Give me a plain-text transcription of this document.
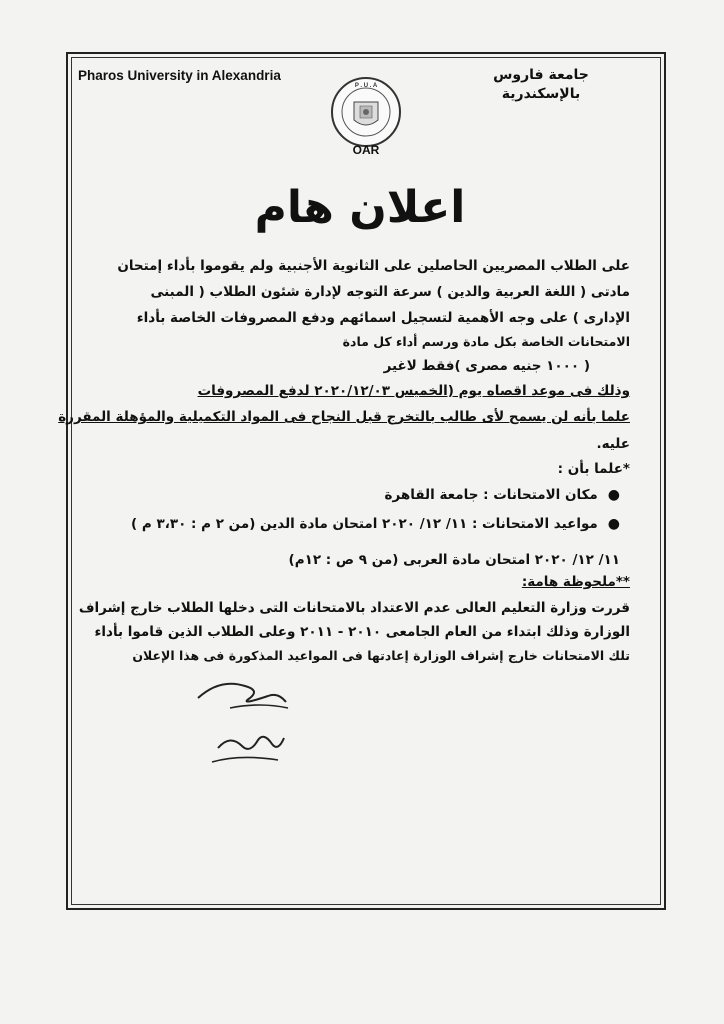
Pharos University in Alexandria	جامعة فاروس
بالإسكندرية
P . U . A
OAR
اعلان هام
على الطلاب المصريين الحاصلين على الثانوية الأجنبية ولم يقوموا بأداء إمتحان
مادتى ( اللغة العربية والدين ) سرعة التوجه لإدارة شئون الطلاب ( المبنى
الإدارى ) على وجه الأهمية لتسجيل اسمائهم ودفع المصروفات الخاصة بأداء
الامتحانات الخاصة بكل مادة ورسم أداء كل مادة
( ١٠٠٠ جنيه مصرى )فقط لاغير
وذلك فى موعد اقصاه يوم (الخميس ٢٠٢٠/١٢/٠٣ لدفع المصروفات
علما بأنه لن يسمح لأى طالب بالتخرج قبل النجاح فى المواد التكميلية والمؤهلة المقررة
عليه.
*علما بأن :
●مكان الامتحانات : جامعة القاهرة
●مواعيد الامتحانات : ١١/ ١٢/ ٢٠٢٠ امتحان مادة الدين (من ٢ م : ٣،٣٠ م )
١١/ ١٢/ ٢٠٢٠ امتحان مادة العربى (من ٩ ص : ١٢م)
**ملحوظة هامة:
قررت وزارة التعليم العالى عدم الاعتداد بالامتحانات التى دخلها الطلاب خارج إشراف
الوزارة وذلك ابتداء من العام الجامعى ٢٠١٠ - ٢٠١١ وعلى الطلاب الذين قاموا بأداء
تلك الامتحانات خارج إشراف الوزارة إعادتها فى المواعيد المذكورة فى هذا الإعلان
